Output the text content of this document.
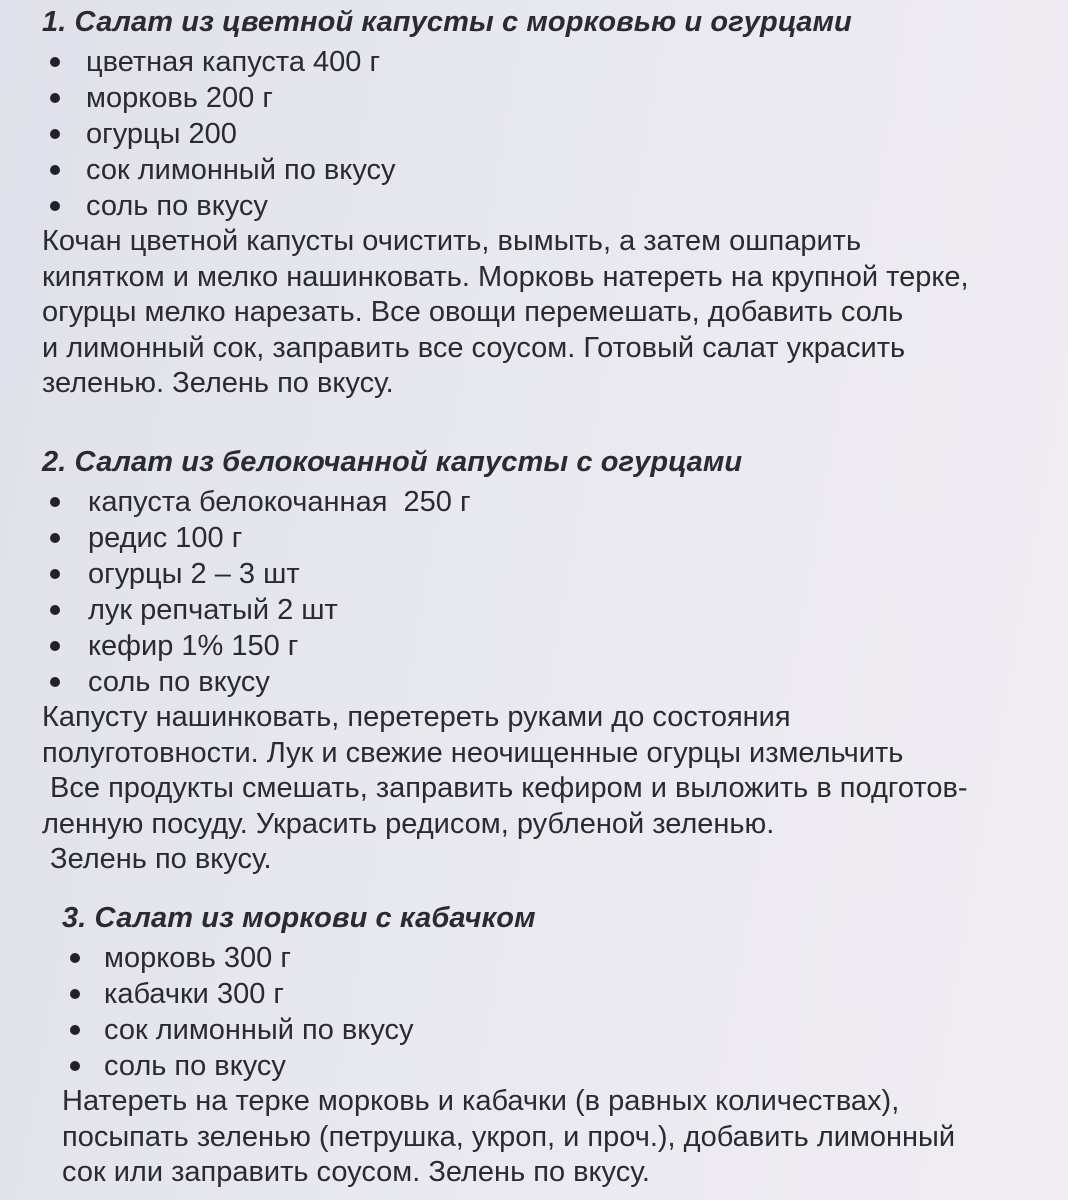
1. Салат из цветной капусты с морковью и огурцами
цветная капуста 400 г
морковь 200 г
огурцы 200
сок лимонный по вкусу
соль по вкусу
Кочан цветной капусты очистить, вымыть, а затем ошпарить
кипятком и мелко нашинковать. Морковь натереть на крупной терке,
огурцы мелко нарезать. Все овощи перемешать, добавить соль
и лимонный сок, заправить все соусом. Готовый салат украсить
зеленью. Зелень по вкусу.
2. Салат из белокочанной капусты с огурцами
капуста белокочанная  250 г
редис 100 г
огурцы 2 – 3 шт
лук репчатый 2 шт
кефир 1% 150 г
соль по вкусу
Капусту нашинковать, перетереть руками до состояния
полуготовности. Лук и свежие неочищенные огурцы измельчить
Все продукты смешать, заправить кефиром и выложить в подготов-
ленную посуду. Украсить редисом, рубленой зеленью.
Зелень по вкусу.
3. Салат из моркови с кабачком
морковь 300 г
кабачки 300 г
сок лимонный по вкусу
соль по вкусу
Натереть на терке морковь и кабачки (в равных количествах),
посыпать зеленью (петрушка, укроп, и проч.), добавить лимонный
сок или заправить соусом. Зелень по вкусу.
